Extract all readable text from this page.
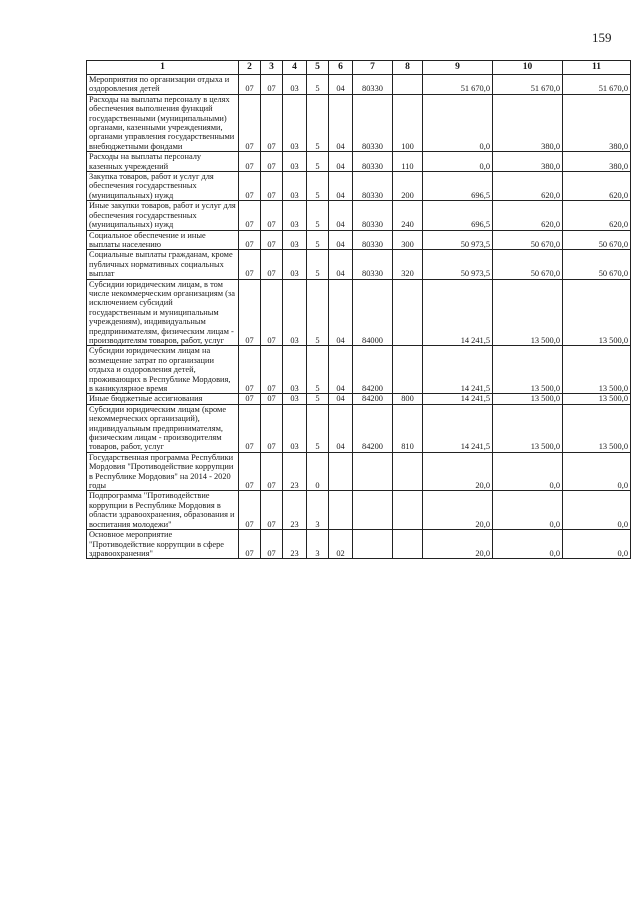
159
1	2	3	4	5	6	7	8	9	10	11
Мероприятия по организации отдыха и оздоровления детей	07	07	03	5	04	80330		51 670,0	51 670,0	51 670,0
Расходы на выплаты персоналу в целях обеспечения выполнения функций государственными (муниципальными) органами, казенными учреждениями, органами управления государственными внебюджетными фондами	07	07	03	5	04	80330	100	0,0	380,0	380,0
Расходы на выплаты персоналу казенных учреждений	07	07	03	5	04	80330	110	0,0	380,0	380,0
Закупка товаров, работ и услуг для обеспечения государственных (муниципальных) нужд	07	07	03	5	04	80330	200	696,5	620,0	620,0
Иные закупки товаров, работ и услуг для обеспечения государственных (муниципальных) нужд	07	07	03	5	04	80330	240	696,5	620,0	620,0
Социальное обеспечение и иные выплаты населению	07	07	03	5	04	80330	300	50 973,5	50 670,0	50 670,0
Социальные выплаты гражданам, кроме публичных нормативных социальных выплат	07	07	03	5	04	80330	320	50 973,5	50 670,0	50 670,0
Субсидии юридическим лицам, в том числе некоммерческим организациям (за исключением субсидий государственным и муниципальным учреждениям), индивидуальным предпринимателям, физическим лицам - производителям товаров, работ, услуг	07	07	03	5	04	84000		14 241,5	13 500,0	13 500,0
Субсидии юридическим лицам на возмещение затрат по организации отдыха и оздоровления детей, проживающих в Республике Мордовия, в каникулярное время	07	07	03	5	04	84200		14 241,5	13 500,0	13 500,0
Иные бюджетные ассигнования	07	07	03	5	04	84200	800	14 241,5	13 500,0	13 500,0
Субсидии юридическим лицам (кроме некоммерческих организаций), индивидуальным предпринимателям, физическим лицам - производителям товаров, работ, услуг	07	07	03	5	04	84200	810	14 241,5	13 500,0	13 500,0
Государственная программа Республики Мордовия "Противодействие коррупции в Республике Мордовия" на 2014 - 2020 годы	07	07	23	0				20,0	0,0	0,0
Подпрограмма "Противодействие коррупции в Республике Мордовия в области здравоохранения, образования и воспитания молодежи"	07	07	23	3				20,0	0,0	0,0
Основное мероприятие "Противодействие коррупции в сфере здравоохранения"	07	07	23	3	02			20,0	0,0	0,0
